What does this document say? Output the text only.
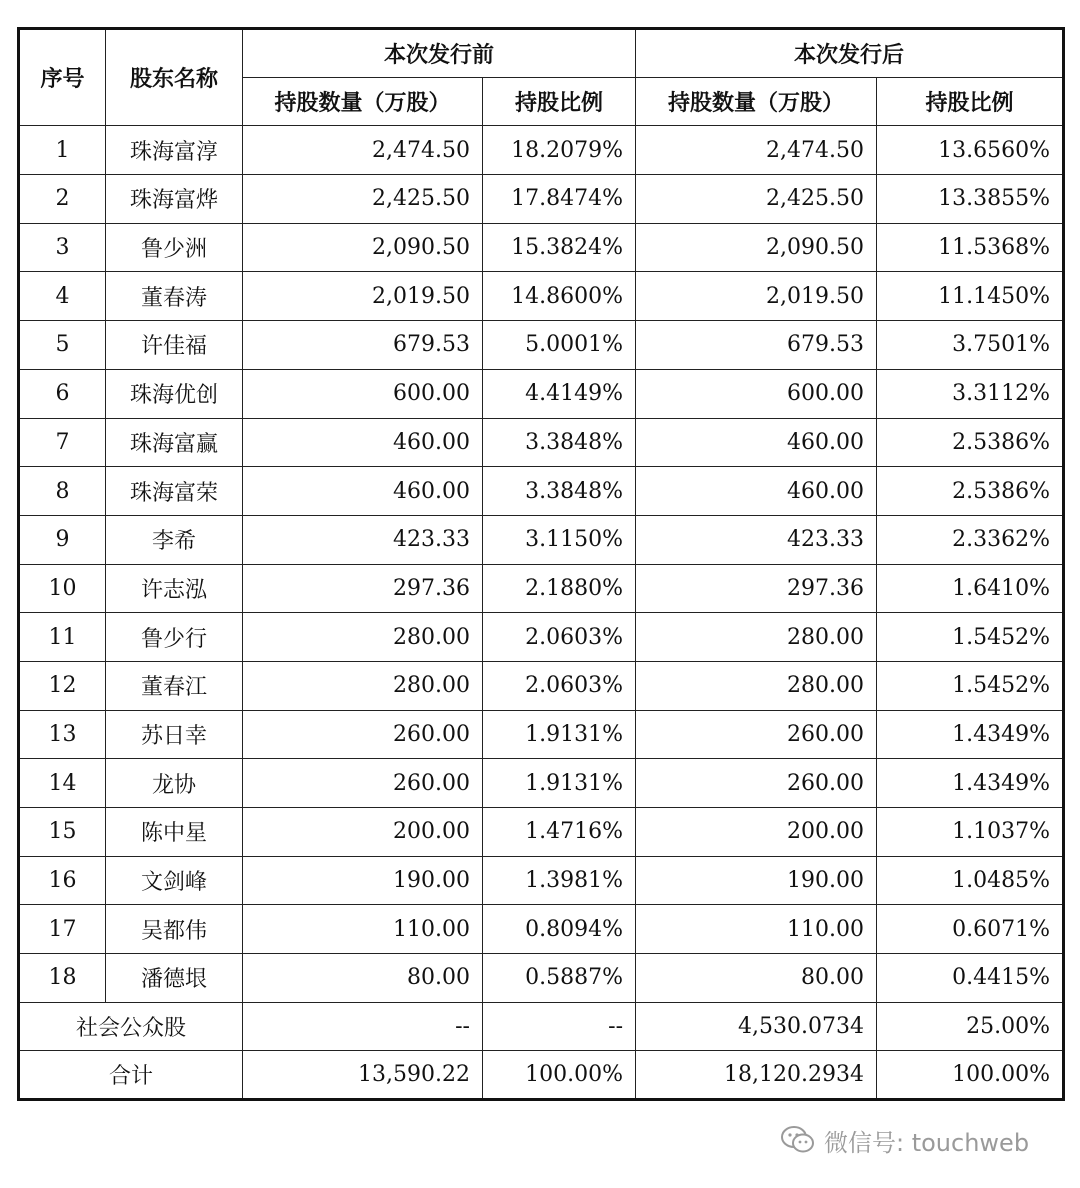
序号	股东名称	本次发行前		本次发行后	
		持股数量（万股）	持股比例	持股数量（万股）	持股比例
1	珠海富淳	2,474.50	18.2079%	2,474.50	13.6560%
2	珠海富烨	2,425.50	17.8474%	2,425.50	13.3855%
3	鲁少洲	2,090.50	15.3824%	2,090.50	11.5368%
4	董春涛	2,019.50	14.8600%	2,019.50	11.1450%
5	许佳福	679.53	5.0001%	679.53	3.7501%
6	珠海优创	600.00	4.4149%	600.00	3.3112%
7	珠海富赢	460.00	3.3848%	460.00	2.5386%
8	珠海富荣	460.00	3.3848%	460.00	2.5386%
9	李希	423.33	3.1150%	423.33	2.3362%
10	许志泓	297.36	2.1880%	297.36	1.6410%
11	鲁少行	280.00	2.0603%	280.00	1.5452%
12	董春江	280.00	2.0603%	280.00	1.5452%
13	苏日幸	260.00	1.9131%	260.00	1.4349%
14	龙协	260.00	1.9131%	260.00	1.4349%
15	陈中星	200.00	1.4716%	200.00	1.1037%
16	文剑峰	190.00	1.3981%	190.00	1.0485%
17	吴都伟	110.00	0.8094%	110.00	0.6071%
18	潘德垠	80.00	0.5887%	80.00	0.4415%
社会公众股		--	--	4,530.0734	25.00%
合计		13,590.22	100.00%	18,120.2934	100.00%
微信号: touchweb
